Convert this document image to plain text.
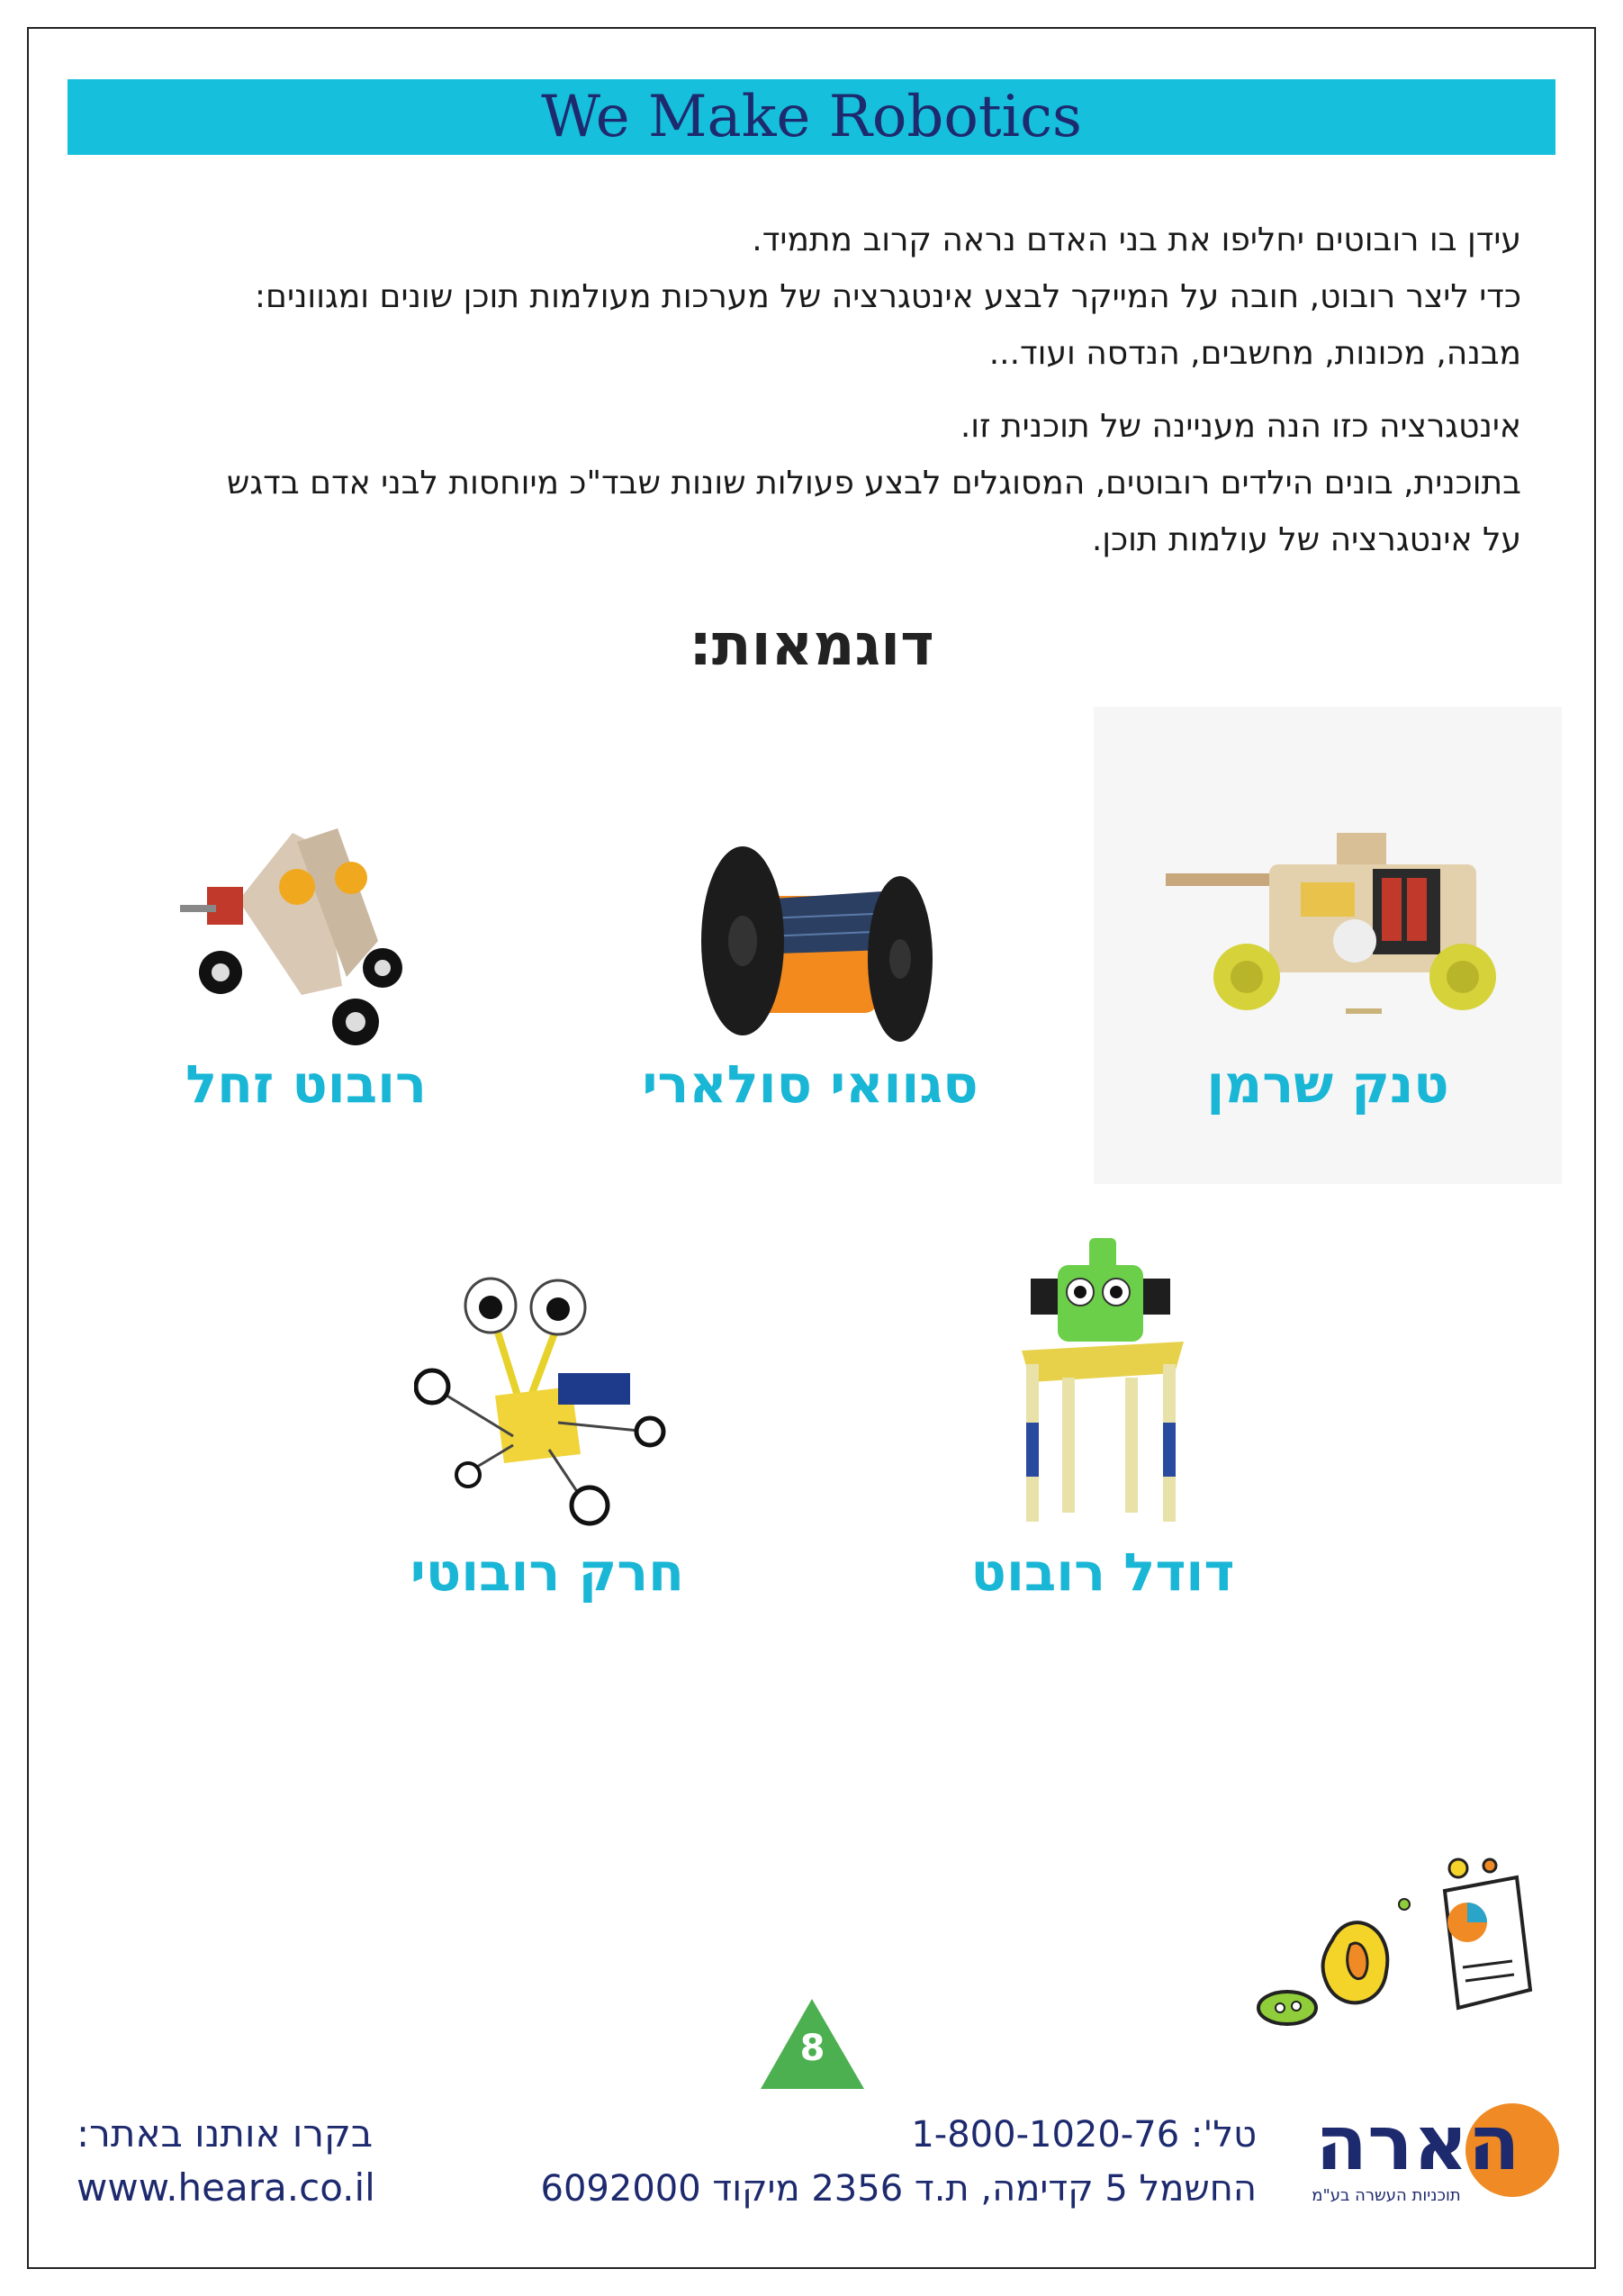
We Make Robotics

עידן בו רובוטים יחליפו את בני האדם נראה קרוב מתמיד.

כדי ליצר רובוט, חובה על המייקר לבצע אינטגרציה של מערכות מעולמות תוכן שונים ומגוונים:

מבנה, מכונות, מחשבים, הנדסה ועוד...

אינטגרציה כזו הנה מעניינה של תוכנית זו.

בתוכנית, בונים הילדים רובוטים, המסוגלים לבצע פעולות שונות שבד"כ מיוחסות לבני אדם בדגש

על אינטגרציה של עולמות תוכן.

דוגמאות:
טנק שרמן
סגוואי סולארי
רובוט זחל
דודל רובוט
חרק רובוטי
8
בקרו אותנו באתר:
www.heara.co.il
טל': 1-800-1020-76
החשמל 5 קדימה, ת.ד 2356 מיקוד 6092000
הארה
תוכניות העשרה בע"מ
